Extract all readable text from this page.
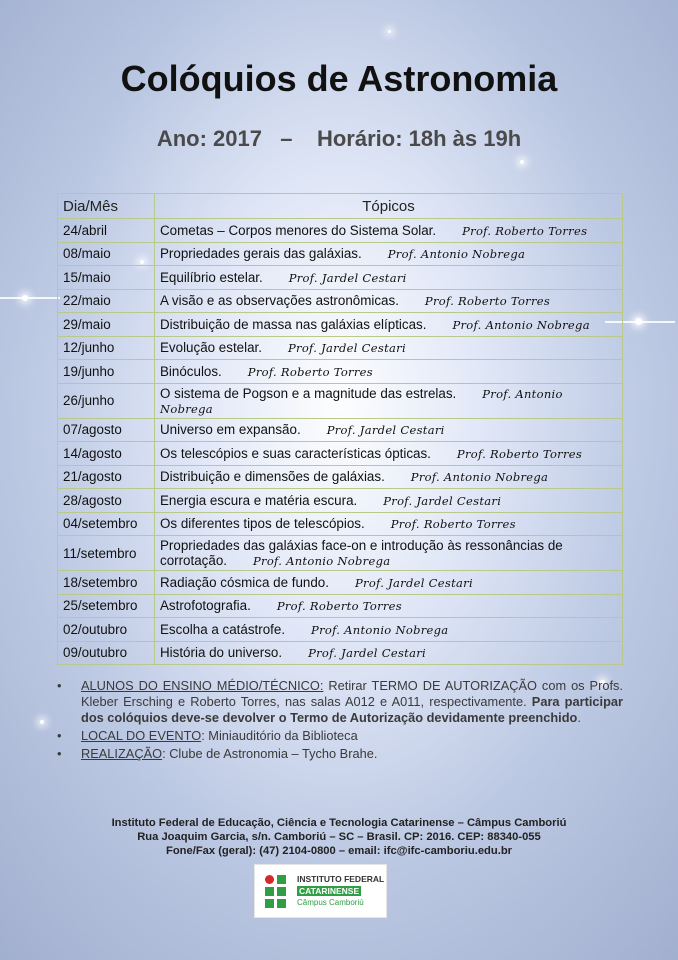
Colóquios de Astronomia
Ano: 2017   –    Horário: 18h às 19h
Dia/Mês	Tópicos
24/abril	Cometas – Corpos menores do Sistema Solar. Prof. Roberto Torres
08/maio	Propriedades gerais das galáxias. Prof. Antonio Nobrega
15/maio	Equilíbrio estelar. Prof. Jardel Cestari
22/maio	A visão e as observações astronômicas. Prof. Roberto Torres
29/maio	Distribuição de massa nas galáxias elípticas. Prof. Antonio Nobrega
12/junho	Evolução estelar. Prof. Jardel Cestari
19/junho	Binóculos. Prof. Roberto Torres
26/junho	O sistema de Pogson e a magnitude das estrelas. Prof. Antonio Nobrega
07/agosto	Universo em expansão. Prof. Jardel Cestari
14/agosto	Os telescópios e suas características ópticas. Prof. Roberto Torres
21/agosto	Distribuição e dimensões de galáxias. Prof. Antonio Nobrega
28/agosto	Energia escura e matéria escura. Prof. Jardel Cestari
04/setembro	Os diferentes tipos de telescópios. Prof. Roberto Torres
11/setembro	Propriedades das galáxias face-on e introdução às ressonâncias de corrotação. Prof. Antonio Nobrega
18/setembro	Radiação cósmica de fundo. Prof. Jardel Cestari
25/setembro	Astrofotografia. Prof. Roberto Torres
02/outubro	Escolha a catástrofe. Prof. Antonio Nobrega
09/outubro	História do universo. Prof. Jardel Cestari
• ALUNOS DO ENSINO MÉDIO/TÉCNICO: Retirar TERMO DE AUTORIZAÇÃO com os Profs. Kleber Ersching e Roberto Torres, nas salas A012 e A011, respectivamente. Para participar dos colóquios deve-se devolver o Termo de Autorização devidamente preenchido.
• LOCAL DO EVENTO: Miniauditório da Biblioteca
• REALIZAÇÃO: Clube de Astronomia – Tycho Brahe.
Instituto Federal de Educação, Ciência e Tecnologia Catarinense – Câmpus Camboriú
Rua Joaquim Garcia, s/n. Camboriú – SC – Brasil. CP: 2016. CEP: 88340-055
Fone/Fax (geral): (47) 2104-0800 – email: ifc@ifc-camboriu.edu.br
INSTITUTO FEDERAL
CATARINENSE
Câmpus Camboriú
